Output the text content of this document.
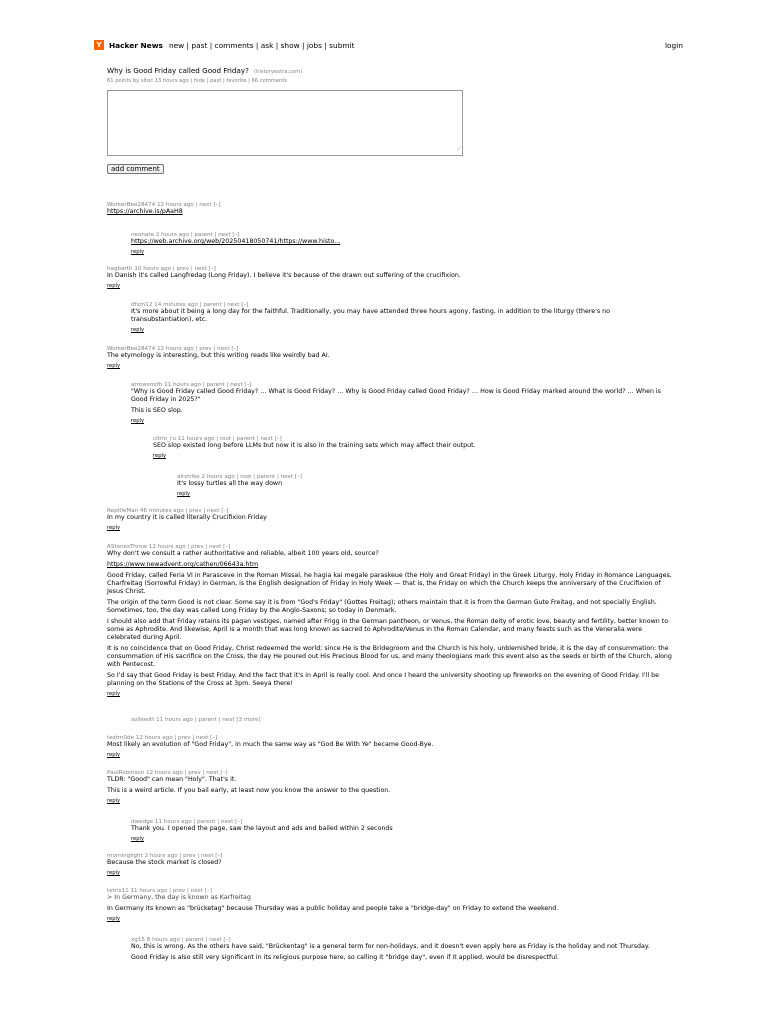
Y	Hacker News new | past | comments | ask | show | jobs | submit	login
Why is Good Friday called Good Friday? (historyextra.com)
61 points by sltoc 13 hours ago | hide | past | favorite | 66 comments
⟋
add comment
WorkerBee28474 12 hours ago | next [–]

https://archive.is/pAaH8

neonate 2 hours ago | parent | next [–]

https://web.archive.org/web/20250418050741/https://www.histo...

reply
hagbarth 10 hours ago | prev | next [–]

In Danish it's called Langfredag (Long Friday). I believe it's because of the drawn out suffering of the crucifixion.

reply
dfxm12 14 minutes ago | parent | next [–]

It's more about it being a long day for the faithful. Traditionally, you may have attended three hours agony, fasting, in addition to the liturgy (there's no transubstantiation), etc.

reply
WorkerBee28474 12 hours ago | prev | next [–]

The etymology is interesting, but this writing reads like weirdly bad AI.

reply
arrowsmith 11 hours ago | parent | next [–]

"Why is Good Friday called Good Friday? … What is Good Friday? … Why is Good Friday called Good Friday? … How is Good Friday marked around the world? … When is Good Friday in 2025?"

This is SEO slop.

reply
citrin_ru 11 hours ago | root | parent | next [–]

SEO slop existed long before LLMs but now it is also in the training sets which may affect their output.

reply
airstrike 2 hours ago | root | parent | next [–]

It's lossy turtles all the way down

reply
ReptileMan 46 minutes ago | prev | next [–]

In my country it is called literally Crucifixion Friday

reply
AStonesThrow 12 hours ago | prev | next [–]

Why don't we consult a rather authoritative and reliable, albeit 100 years old, source?

https://www.newadvent.org/cathen/06643a.htm

Good Friday, called Feria VI in Parasceve in the Roman Missal, he hagia kai megale paraskeue (the Holy and Great Friday) in the Greek Liturgy, Holy Friday in Romance Languages, Charfreitag (Sorrowful Friday) in German, is the English designation of Friday in Holy Week — that is, the Friday on which the Church keeps the anniversary of the Crucifixion of Jesus Christ.

The origin of the term Good is not clear. Some say it is from "God's Friday" (Gottes Freitag); others maintain that it is from the German Gute Freitag, and not specially English. Sometimes, too, the day was called Long Friday by the Anglo-Saxons; so today in Denmark.

I should also add that Friday retains its pagan vestiges, named after Frigg in the German pantheon, or Venus, the Roman deity of erotic love, beauty and fertility, better known to some as Aphrodite. And likewise, April is a month that was long known as sacred to Aphrodite/Venus in the Roman Calendar, and many feasts such as the Veneralia were celebrated during April.

It is no coincidence that on Good Friday, Christ redeemed the world; since He is the Bridegroom and the Church is his holy, unblemished bride, it is the day of consummation: the consummation of His sacrifice on the Cross, the day He poured out His Precious Blood for us, and many theologians mark this event also as the seeds or birth of the Church, along with Pentecost.

So I'd say that Good Friday is best Friday. And the fact that it's in April is really cool. And once I heard the university shooting up fireworks on the evening of Good Friday. I'll be planning on the Stations of the Cross at 3pm. Seeya there!

reply
sollewitt 11 hours ago | parent | next [3 more]
textm0de 12 hours ago | prev | next [–]

Most likely an evolution of "God Friday", in much the same way as "God Be With Ye" became Good-Bye.

reply
PaulRobinson 12 hours ago | prev | next [–]

TLDR: "Good" can mean "Holy". That's it.

This is a weird article. If you bail early, at least now you know the answer to the question.

reply
dwedge 11 hours ago | parent | next [–]

Thank you. I opened the page, saw the layout and ads and bailed within 2 seconds

reply
morninglight 2 hours ago | prev | next [–]

Because the stock market is closed?

reply
tetris11 11 hours ago | prev | next [–]

> In Germany, the day is known as Karfreitag

In Germany its known as "brücketag" because Thursday was a public holiday and people take a "bridge-day" on Friday to extend the weekend.

reply
xg15 8 hours ago | parent | next [–]

No, this is wrong. As the others have said, "Brückentag" is a general term for non-holidays, and it doesn't even apply here as Friday is the holiday and not Thursday.

Good Friday is also still very significant in its religious purpose here, so calling it "bridge day", even if it applied, would be disrespectful.
